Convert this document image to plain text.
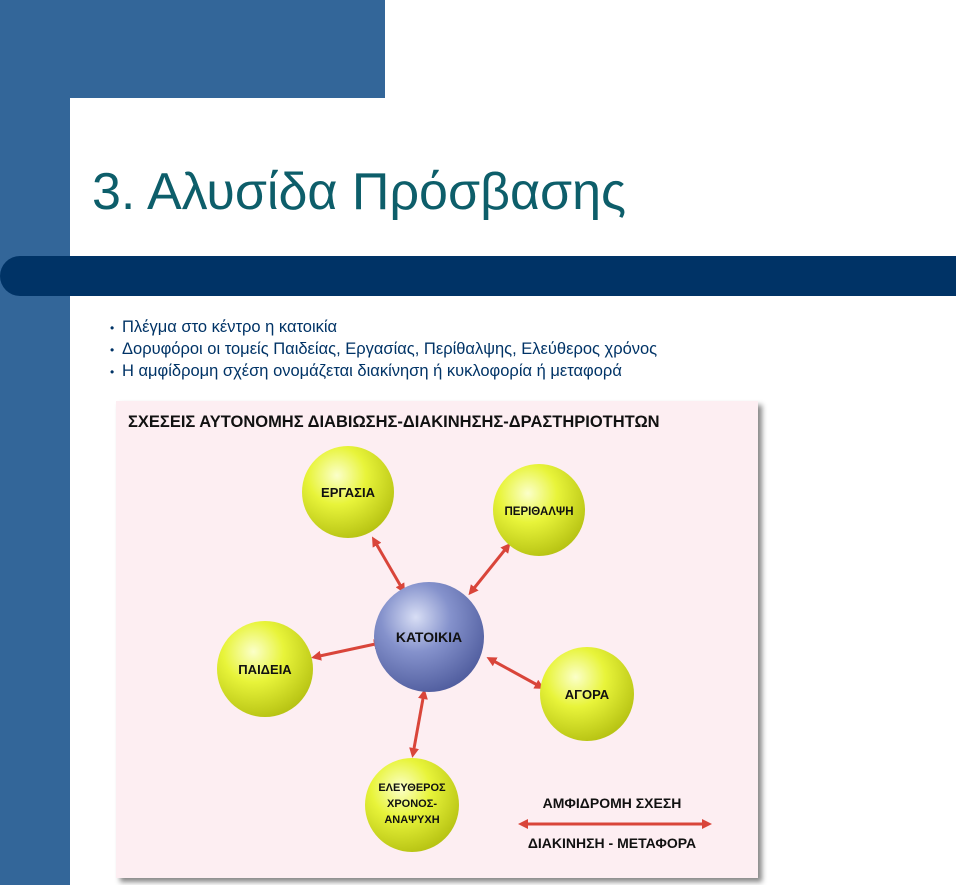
3. Αλυσίδα Πρόσβασης
• Πλέγμα στο κέντρο η κατοικία
• Δορυφόροι οι τομείς Παιδείας, Εργασίας, Περίθαλψης, Ελεύθερος χρόνος
• Η αμφίδρομη σχέση ονομάζεται διακίνηση ή κυκλοφορία ή μεταφορά
ΣΧΕΣΕΙΣ ΑΥΤΟΝΟΜΗΣ ΔΙΑΒΙΩΣΗΣ-ΔΙΑΚΙΝΗΣΗΣ-ΔΡΑΣΤΗΡΙΟΤΗΤΩΝ
ΕΡΓΑΣΙΑ
ΠΕΡΙΘΑΛΨΗ
ΠΑΙΔΕΙΑ
ΑΓΟΡΑ
ΕΛΕΥΘΕΡΟΣ
ΧΡΟΝΟΣ-
ΑΝΑΨΥΧΗ
ΚΑΤΟΙΚΙΑ
ΑΜΦΙΔΡΟΜΗ ΣΧΕΣΗ
ΔΙΑΚΙΝΗΣΗ - ΜΕΤΑΦΟΡΑ
